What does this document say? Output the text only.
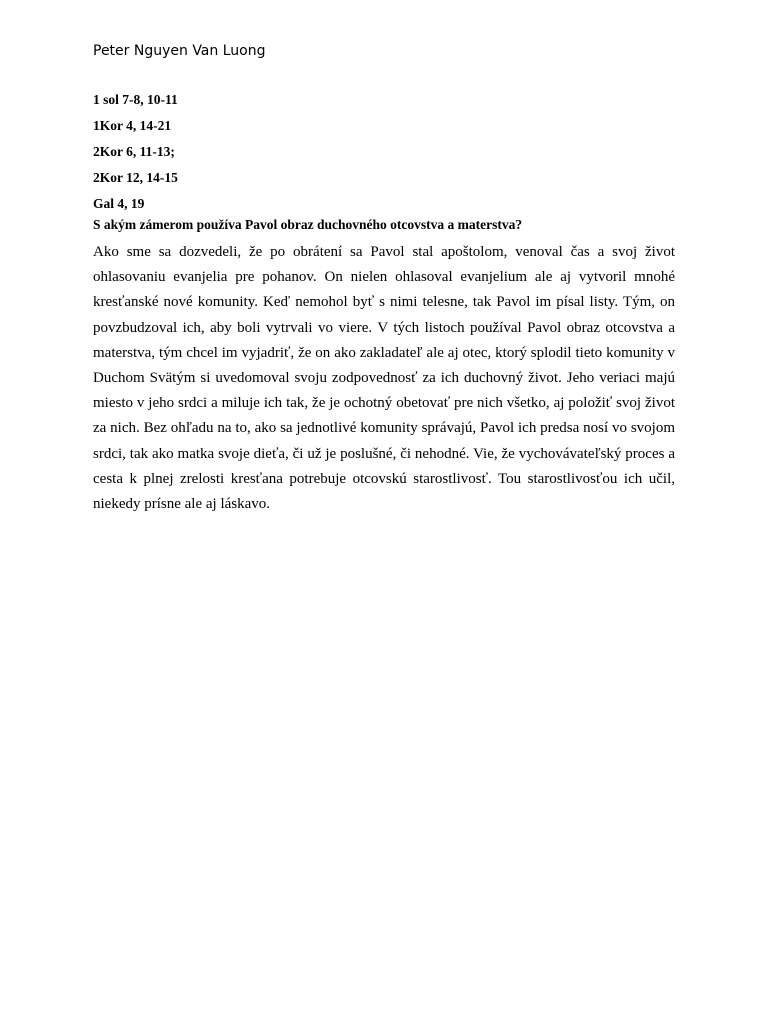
Peter Nguyen Van Luong
1 sol 7-8, 10-11
1Kor 4, 14-21
2Kor 6, 11-13;
2Kor 12, 14-15
Gal 4, 19
S akým zámerom používa Pavol obraz duchovného otcovstva a materstva?

Ako sme sa dozvedeli, že po obrátení sa Pavol stal apoštolom, venoval čas a svoj život ohlasovaniu evanjelia pre pohanov. On nielen ohlasoval evanjelium ale aj vytvoril mnohé kresťanské nové komunity. Keď nemohol byť s nimi telesne, tak Pavol im písal listy. Tým, on povzbudzoval ich, aby boli vytrvali vo viere. V tých listoch používal Pavol obraz otcovstva a materstva, tým chcel im vyjadriť, že on ako zakladateľ ale aj otec, ktorý splodil tieto komunity v Duchom Svätým si uvedomoval svoju zodpovednosť za ich duchovný život. Jeho veriaci majú miesto v jeho srdci a miluje ich tak, že je ochotný obetovať pre nich všetko, aj položiť svoj život za nich. Bez ohľadu na to, ako sa jednotlivé komunity správajú, Pavol ich predsa nosí vo svojom srdci, tak ako matka svoje dieťa, či už je poslušné, či nehodné. Vie, že vychovávateľský proces a cesta k plnej zrelosti kresťana potrebuje otcovskú starostlivosť. Tou starostlivosťou ich učil, niekedy prísne ale aj láskavo.
